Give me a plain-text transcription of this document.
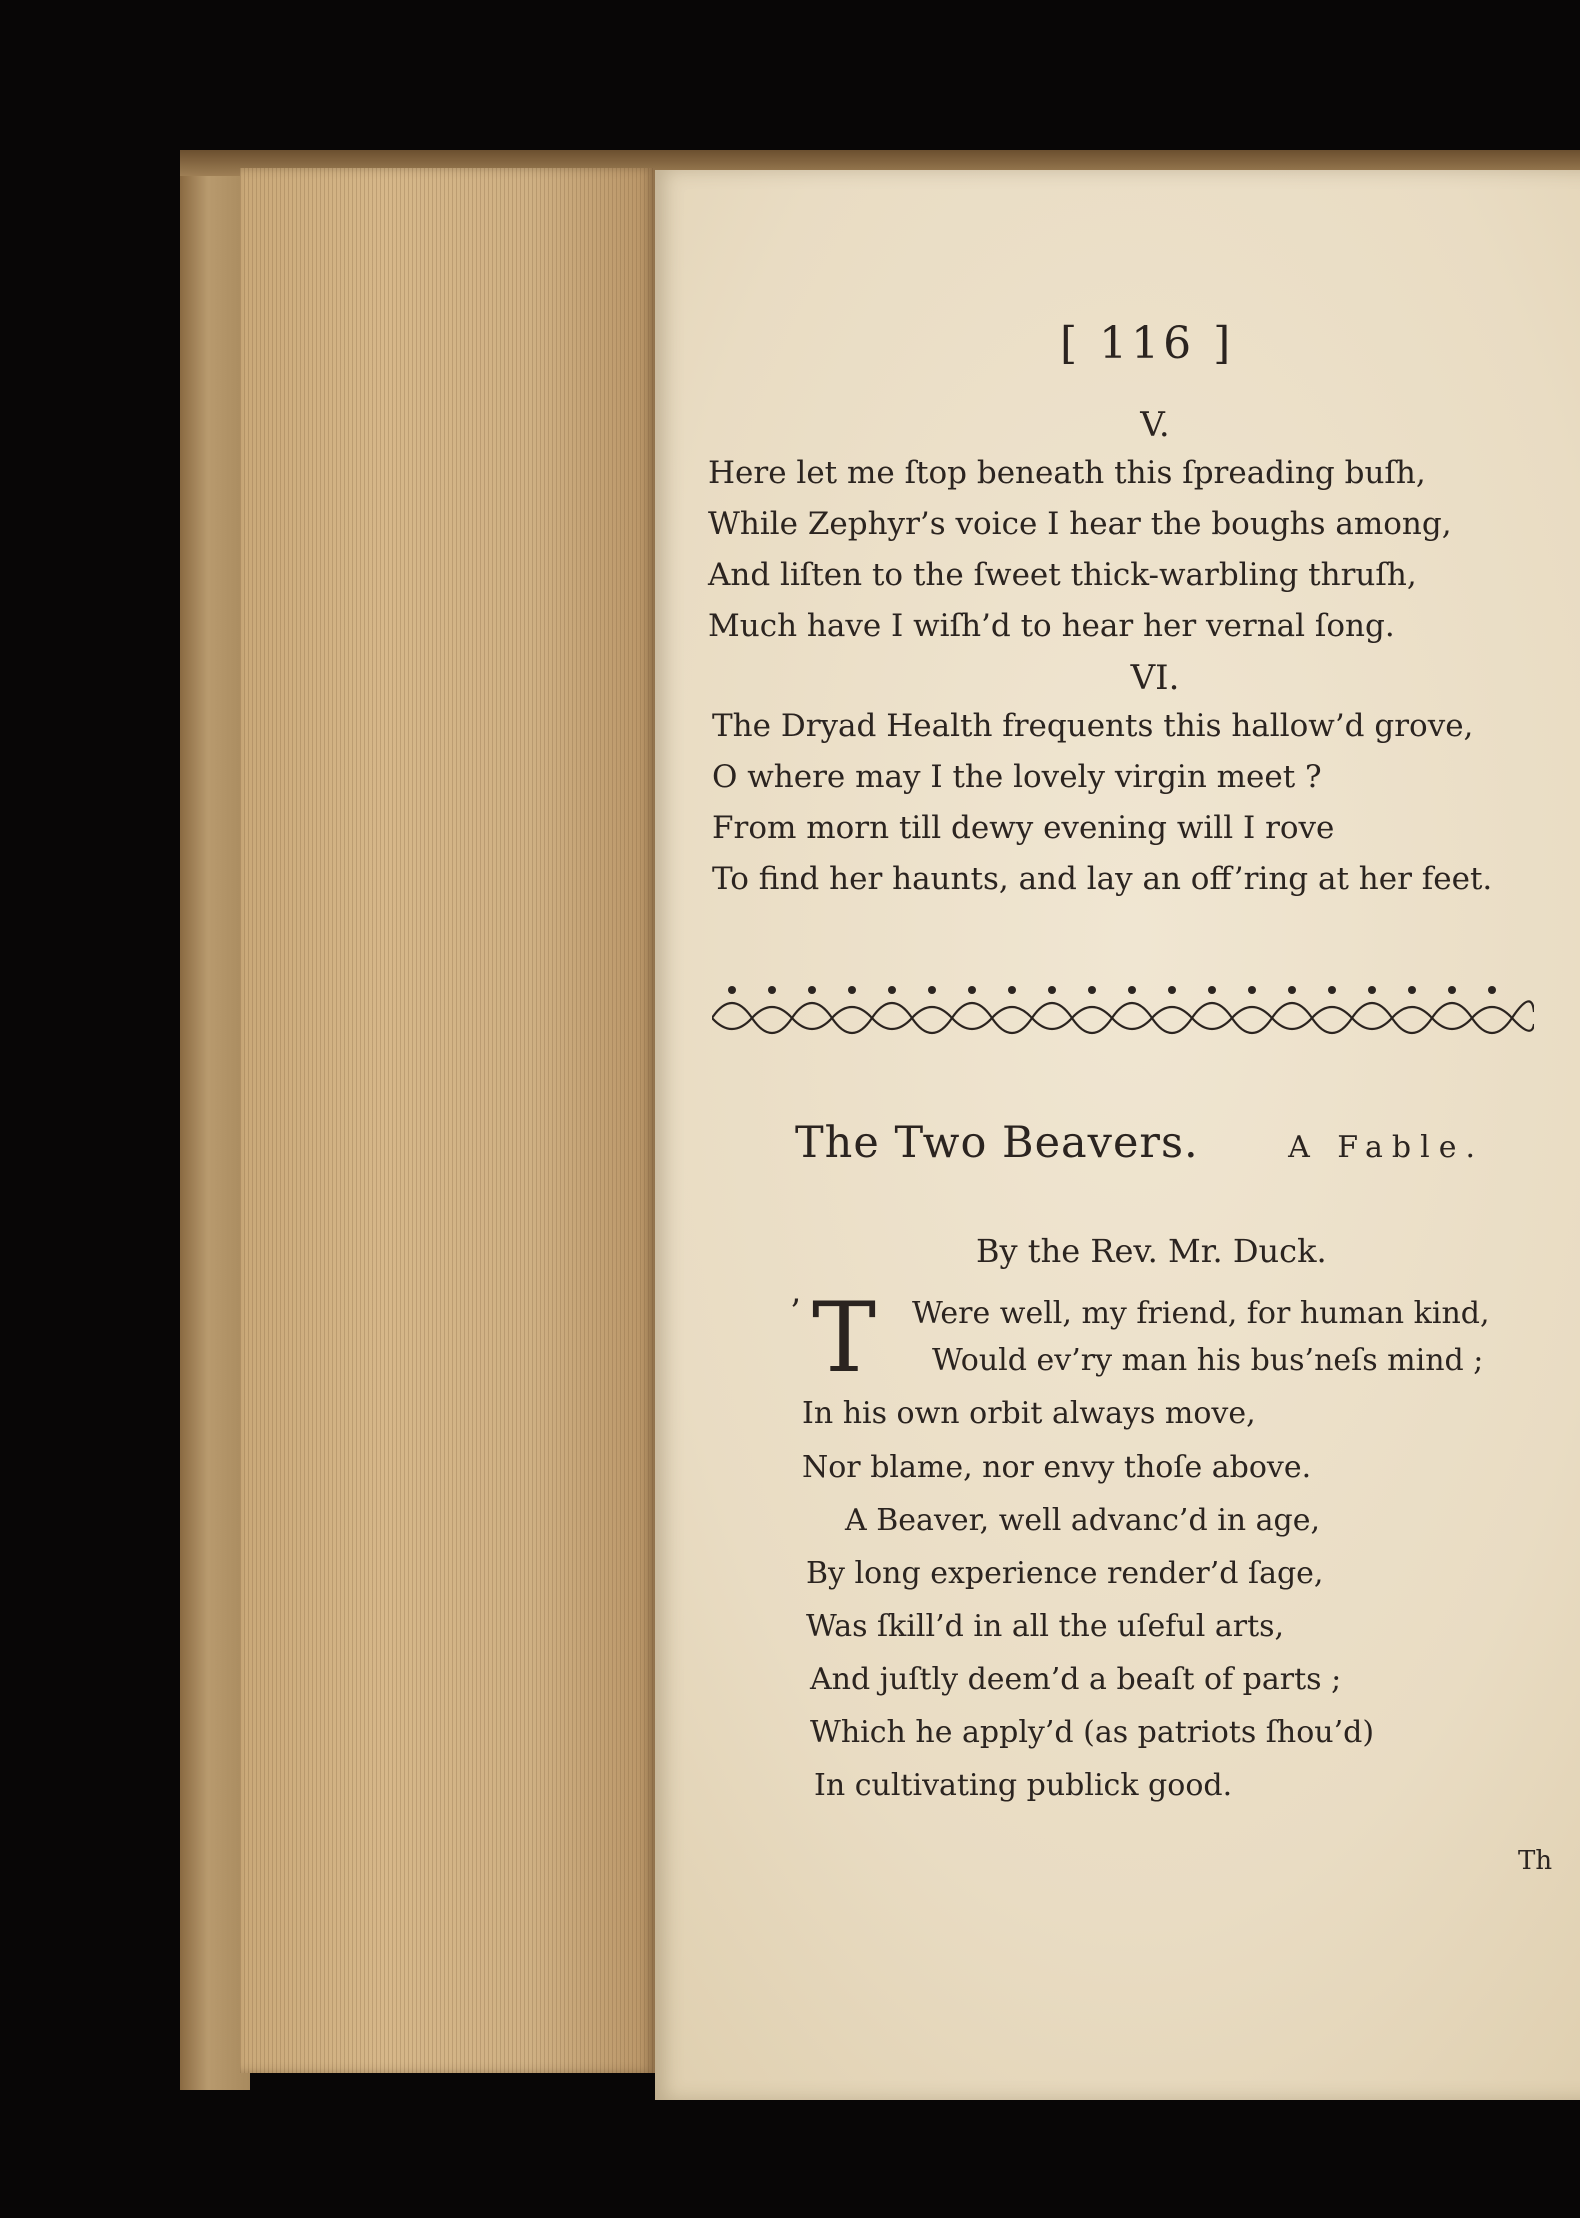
[ 116 ]
V.
Here let me ſtop beneath this ſpreading buſh,
While Zephyr’s voice I hear the boughs among,
And liſten to the ſweet thick-warbling thruſh,
Much have I wiſh’d to hear her vernal ſong.
VI.
The Dryad Health frequents this hallow’d grove,
O where may I the lovely virgin meet ?
From morn till dewy evening will I rove
To find her haunts, and lay an off’ring at her feet.
The Two Beavers.	A Fable.
By the Rev. Mr. Duck.
’ T Were well, my friend, for human kind,
Would ev’ry man his bus’neſs mind ;
In his own orbit always move,
Nor blame, nor envy thoſe above.
A Beaver, well advanc’d in age,
By long experience render’d ſage,
Was ſkill’d in all the uſeful arts,
And juſtly deem’d a beaſt of parts ;
Which he apply’d (as patriots ſhou’d)
In cultivating publick good.
Th
